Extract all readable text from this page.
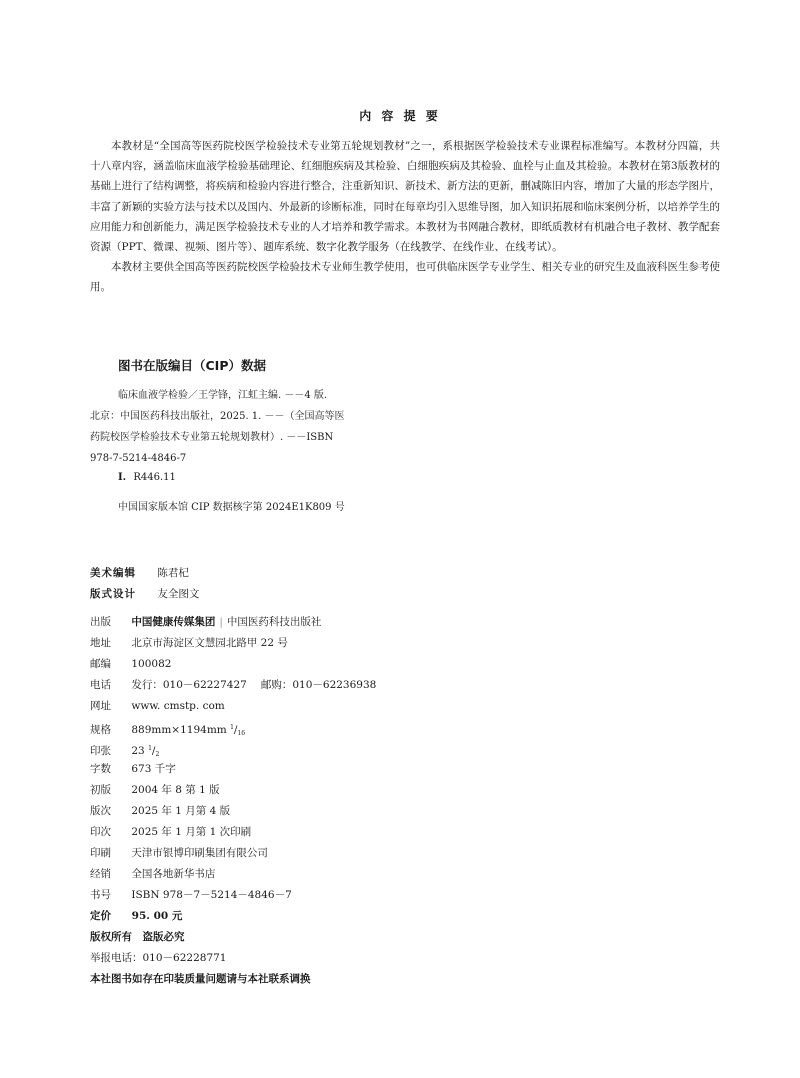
内 容 提 要

本教材是“全国高等医药院校医学检验技术专业第五轮规划教材”之一，系根据医学检验技术专业课程标准编写。本教材分四篇，共十八章内容，涵盖临床血液学检验基础理论、红细胞疾病及其检验、白细胞疾病及其检验、血栓与止血及其检验。本教材在第3版教材的基础上进行了结构调整，将疾病和检验内容进行整合，注重新知识、新技术、新方法的更新，删减陈旧内容，增加了大量的形态学图片，丰富了新颖的实验方法与技术以及国内、外最新的诊断标准，同时在每章均引入思维导图，加入知识拓展和临床案例分析，以培养学生的应用能力和创新能力，满足医学检验技术专业的人才培养和教学需求。本教材为书网融合教材，即纸质教材有机融合电子教材、教学配套资源（PPT、微课、视频、图片等）、题库系统、数字化教学服务（在线教学、在线作业、在线考试）。

本教材主要供全国高等医药院校医学检验技术专业师生教学使用，也可供临床医学专业学生、相关专业的研究生及血液科医生参考使用。

图书在版编目（CIP）数据
临床血液学检验／王学锋，江虹主编. －－4 版.
北京：中国医药科技出版社，2025. 1. －－（全国高等医
药院校医学检验技术专业第五轮规划教材）. －－ISBN
978-7-5214-4846-7
Ⅰ. R446.11
中国国家版本馆 CIP 数据核字第 2024E1K809 号
美术编辑 陈君杞
版式设计 友全图文
出版 中国健康传媒集团 | 中国医药科技出版社
地址 北京市海淀区文慧园北路甲 22 号
邮编 100082
电话 发行：010－62227427 邮购：010－62236938
网址 www. cmstp. com
规格 889mm×1194mm $^1/_{16}$
印张 23 $^1/_2$
字数 673 千字
初版 2004 年 8 第 1 版
版次 2025 年 1 月第 4 版
印次 2025 年 1 月第 1 次印刷
印刷 天津市银博印刷集团有限公司
经销 全国各地新华书店
书号 ISBN 978－7－5214－4846－7
定价 95. 00 元
版权所有　盗版必究
举报电话：010－62228771
本社图书如存在印装质量问题请与本社联系调换
